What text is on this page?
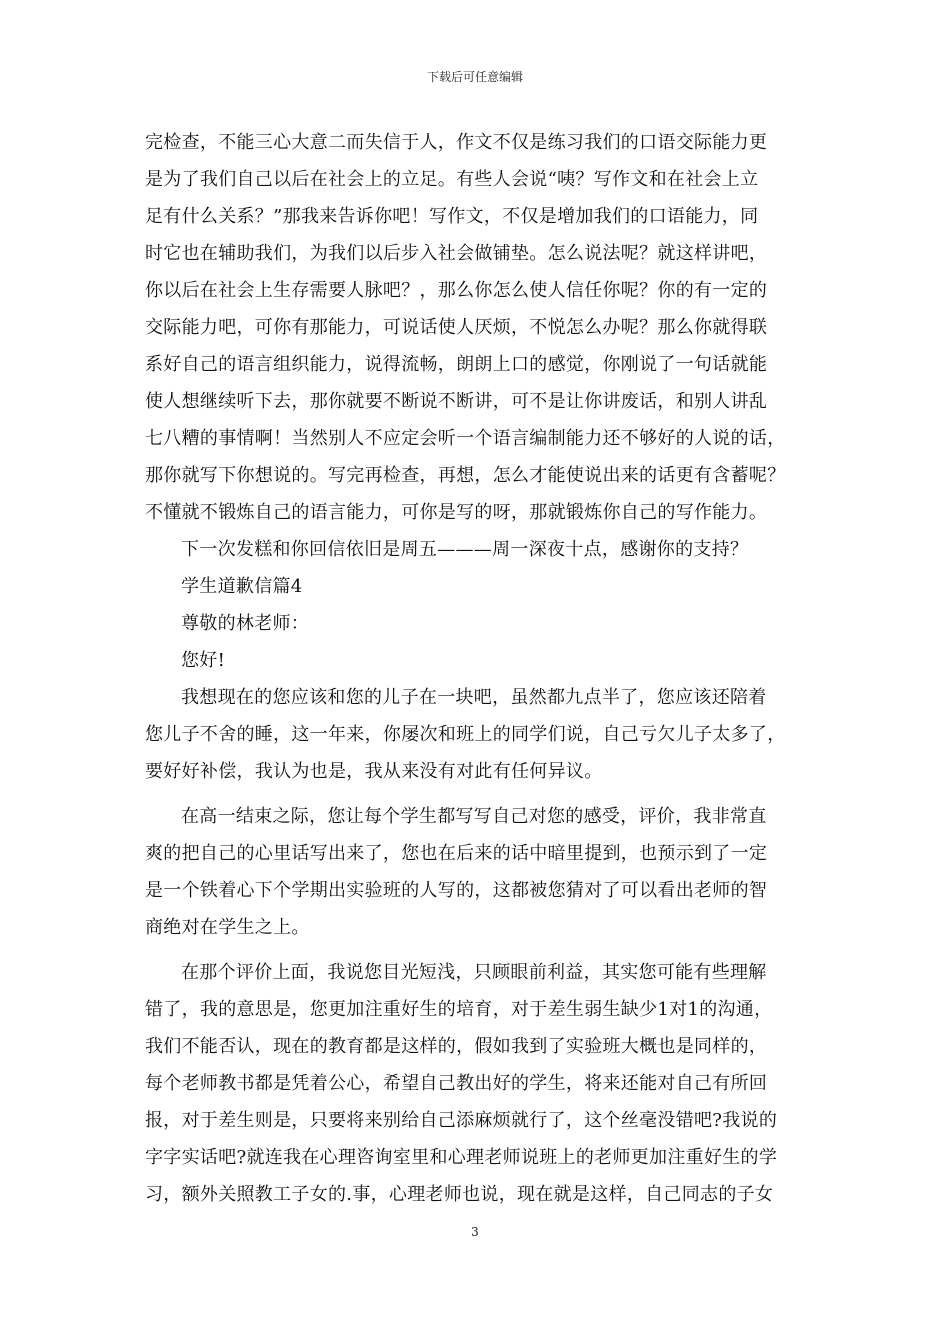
下载后可任意编辑
完检查，不能三心大意二而失信于人，作文不仅是练习我们的口语交际能力更
是为了我们自己以后在社会上的立足。有些人会说“咦？写作文和在社会上立
足有什么关系？”那我来告诉你吧！写作文，不仅是增加我们的口语能力，同
时它也在辅助我们，为我们以后步入社会做铺垫。怎么说法呢？就这样讲吧，
你以后在社会上生存需要人脉吧？，那么你怎么使人信任你呢？你的有一定的
交际能力吧，可你有那能力，可说话使人厌烦，不悦怎么办呢？那么你就得联
系好自己的语言组织能力，说得流畅，朗朗上口的感觉，你刚说了一句话就能
使人想继续听下去，那你就要不断说不断讲，可不是让你讲废话，和别人讲乱
七八糟的事情啊！当然别人不应定会听一个语言编制能力还不够好的人说的话，
那你就写下你想说的。写完再检查，再想，怎么才能使说出来的话更有含蓄呢？
不懂就不锻炼自己的语言能力，可你是写的呀，那就锻炼你自己的写作能力。
下一次发糕和你回信依旧是周五———周一深夜十点，感谢你的支持？
学生道歉信篇4
尊敬的林老师：
您好!
我想现在的您应该和您的儿子在一块吧，虽然都九点半了，您应该还陪着
您儿子不舍的睡，这一年来，你屡次和班上的同学们说，自己亏欠儿子太多了，
要好好补偿，我认为也是，我从来没有对此有任何异议。
在高一结束之际，您让每个学生都写写自己对您的感受，评价，我非常直
爽的把自己的心里话写出来了，您也在后来的话中暗里提到，也预示到了一定
是一个铁着心下个学期出实验班的人写的，这都被您猜对了可以看出老师的智
商绝对在学生之上。
在那个评价上面，我说您目光短浅，只顾眼前利益，其实您可能有些理解
错了，我的意思是，您更加注重好生的培育，对于差生弱生缺少1对1的沟通，
我们不能否认，现在的教育都是这样的，假如我到了实验班大概也是同样的，
每个老师教书都是凭着公心，希望自己教出好的学生，将来还能对自己有所回
报，对于差生则是，只要将来别给自己添麻烦就行了，这个丝毫没错吧?我说的
字字实话吧?就连我在心理咨询室里和心理老师说班上的老师更加注重好生的学
习，额外关照教工子女的.事，心理老师也说，现在就是这样，自己同志的子女
3
